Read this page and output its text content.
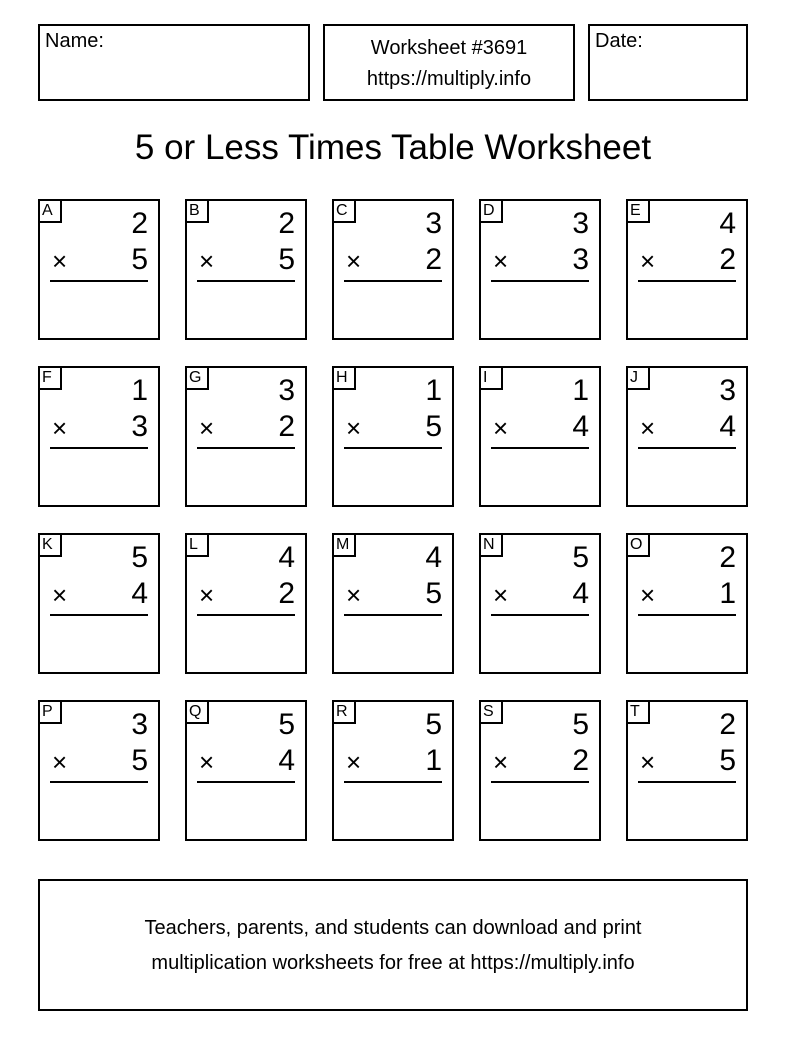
Name:	Worksheet #3691
https://multiply.info
Date:
5 or Less Times Table Worksheet
A	2
× 5
B	2
× 5
C	3
× 2
D	3
× 3
E	4
× 2
F	1
× 3
G	3
× 2
H	1
× 5
I	1
× 4
J	3
× 4
K	5
× 4
L	4
× 2
M	4
× 5
N	5
× 4
O	2
× 1
P	3
× 5
Q	5
× 4
R	5
× 1
S	5
× 2
T	2
× 5
Teachers, parents, and students can download and print
multiplication worksheets for free at https://multiply.info
